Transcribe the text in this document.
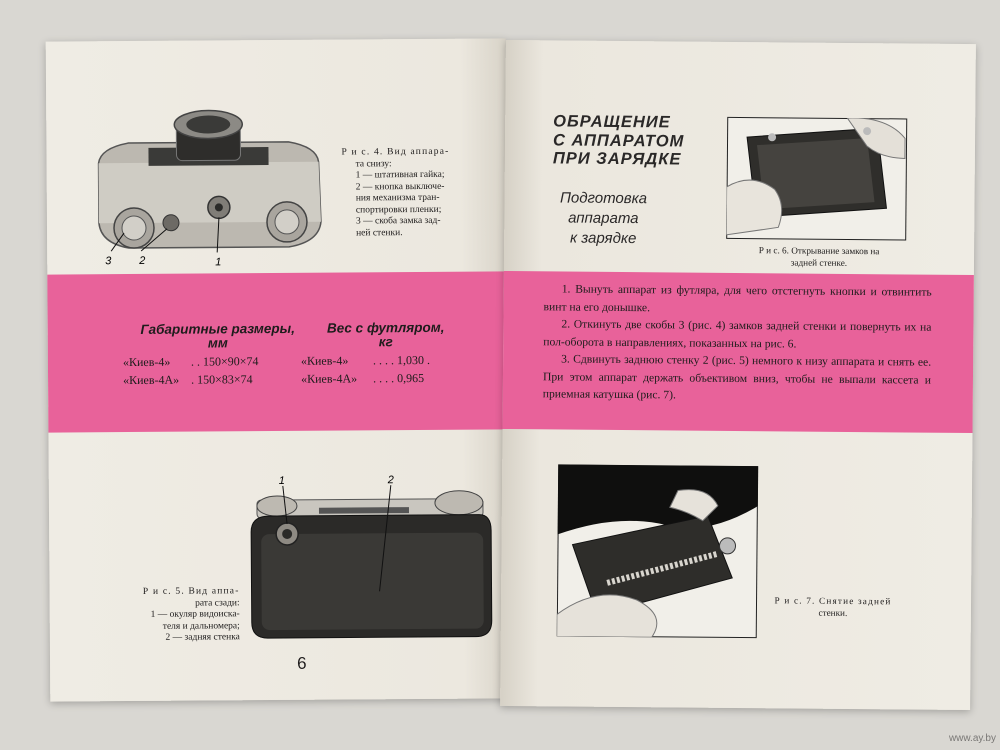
3	2	1
Р и с. 4. Вид аппара-
та снизу:
1 — штативная гайка;
2 — кнопка выключе-
ния механизма тран-
спортировки пленки;
3 — скоба замка зад-
ней стенки.
Габаритные размеры,
мм
Вес с футляром,
кг
«Киев-4» . . 150×90×74	«Киев-4» . . . . 1,030 .
«Киев-4А» . 150×83×74	«Киев-4А» . . . . 0,965
1	2
Р и с. 5. Вид аппа-
рата сзади:
1 — окуляр видоиска-
теля и дальномера;
2 — задняя стенка
6
ОБРАЩЕНИЕ
С АППАРАТОМ
ПРИ ЗАРЯДКЕ
Подготовка
аппарата
к зарядке
Р и с. 6. Открывание замков на
задней стенке.
1. Вынуть аппарат из футляра, для чего отстегнуть кнопки и отвинтить винт на его донышке.
2. Откинуть две скобы 3 (рис. 4) замков задней стенки и повернуть их на пол-оборота в направлениях, показанных на рис. 6.
3. Сдвинуть заднюю стенку 2 (рис. 5) немного к низу аппарата и снять ее. При этом аппарат держать объективом вниз, чтобы не выпали кассета и приемная катушка (рис. 7).
Р и с. 7. Снятие задней
стенки.
www.ay.by
